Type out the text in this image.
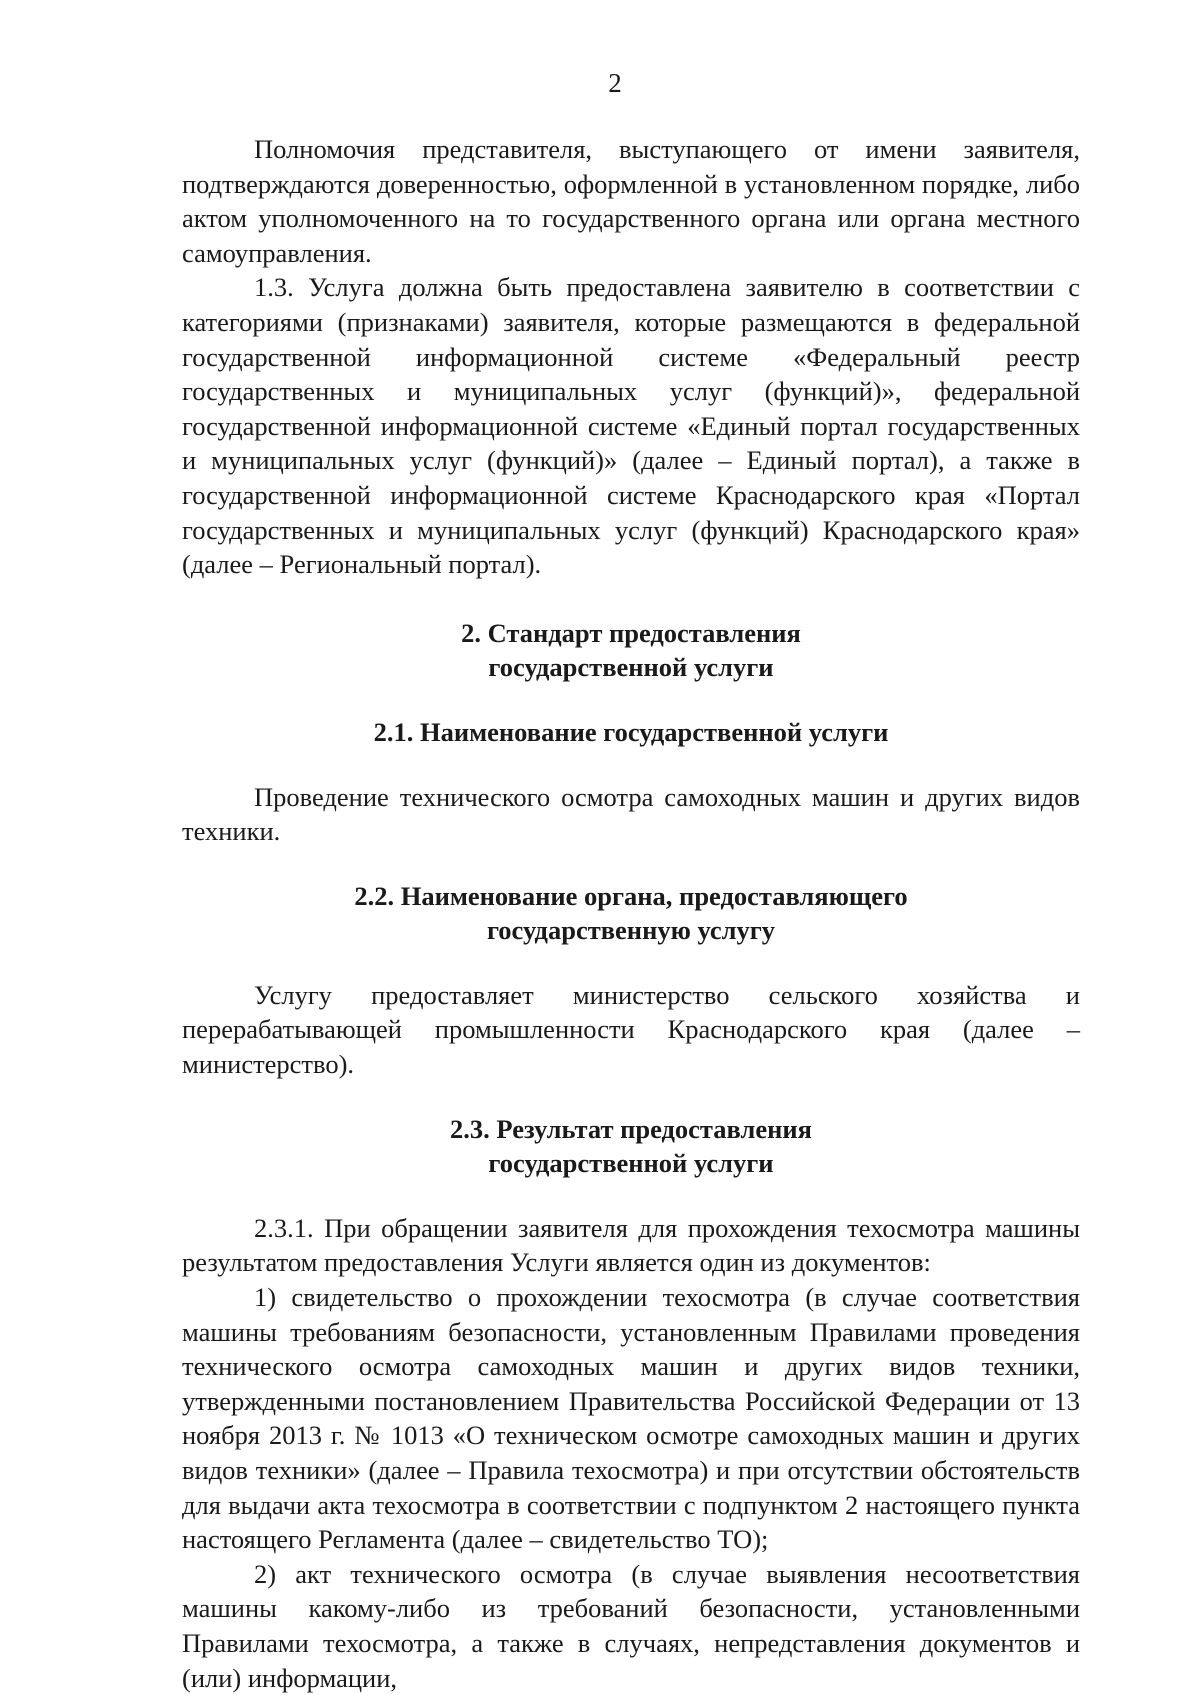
2

Полномочия представителя, выступающего от имени заявителя, подтверждаются доверенностью, оформленной в установленном порядке, либо актом уполномоченного на то государственного органа или органа местного самоуправления.

1.3. Услуга должна быть предоставлена заявителю в соответствии с категориями (признаками) заявителя, которые размещаются в федеральной государственной информационной системе «Федеральный реестр государственных и муниципальных услуг (функций)», федеральной государственной информационной системе «Единый портал государственных и муниципальных услуг (функций)» (далее – Единый портал), а также в государственной информационной системе Краснодарского края «Портал государственных и муниципальных услуг (функций) Краснодарского края» (далее – Региональный портал).

2. Стандарт предоставления

государственной услуги

2.1. Наименование государственной услуги

Проведение технического осмотра самоходных машин и других видов техники.

2.2. Наименование органа, предоставляющего

государственную услугу

Услугу предоставляет министерство сельского хозяйства и перерабатывающей промышленности Краснодарского края (далее – министерство).

2.3. Результат предоставления

государственной услуги

2.3.1. При обращении заявителя для прохождения техосмотра машины результатом предоставления Услуги является один из документов:

1) свидетельство о прохождении техосмотра (в случае соответствия машины требованиям безопасности, установленным Правилами проведения технического осмотра самоходных машин и других видов техники, утвержденными постановлением Правительства Российской Федерации от 13 ноября 2013 г. № 1013 «О техническом осмотре самоходных машин и других видов техники» (далее – Правила техосмотра) и при отсутствии обстоятельств для выдачи акта техосмотра в соответствии с подпунктом 2 настоящего пункта настоящего Регламента (далее – свидетельство ТО);

2) акт технического осмотра (в случае выявления несоответствия машины какому-либо из требований безопасности, установленными Правилами техосмотра, а также в случаях, непредставления документов и (или) информации,
